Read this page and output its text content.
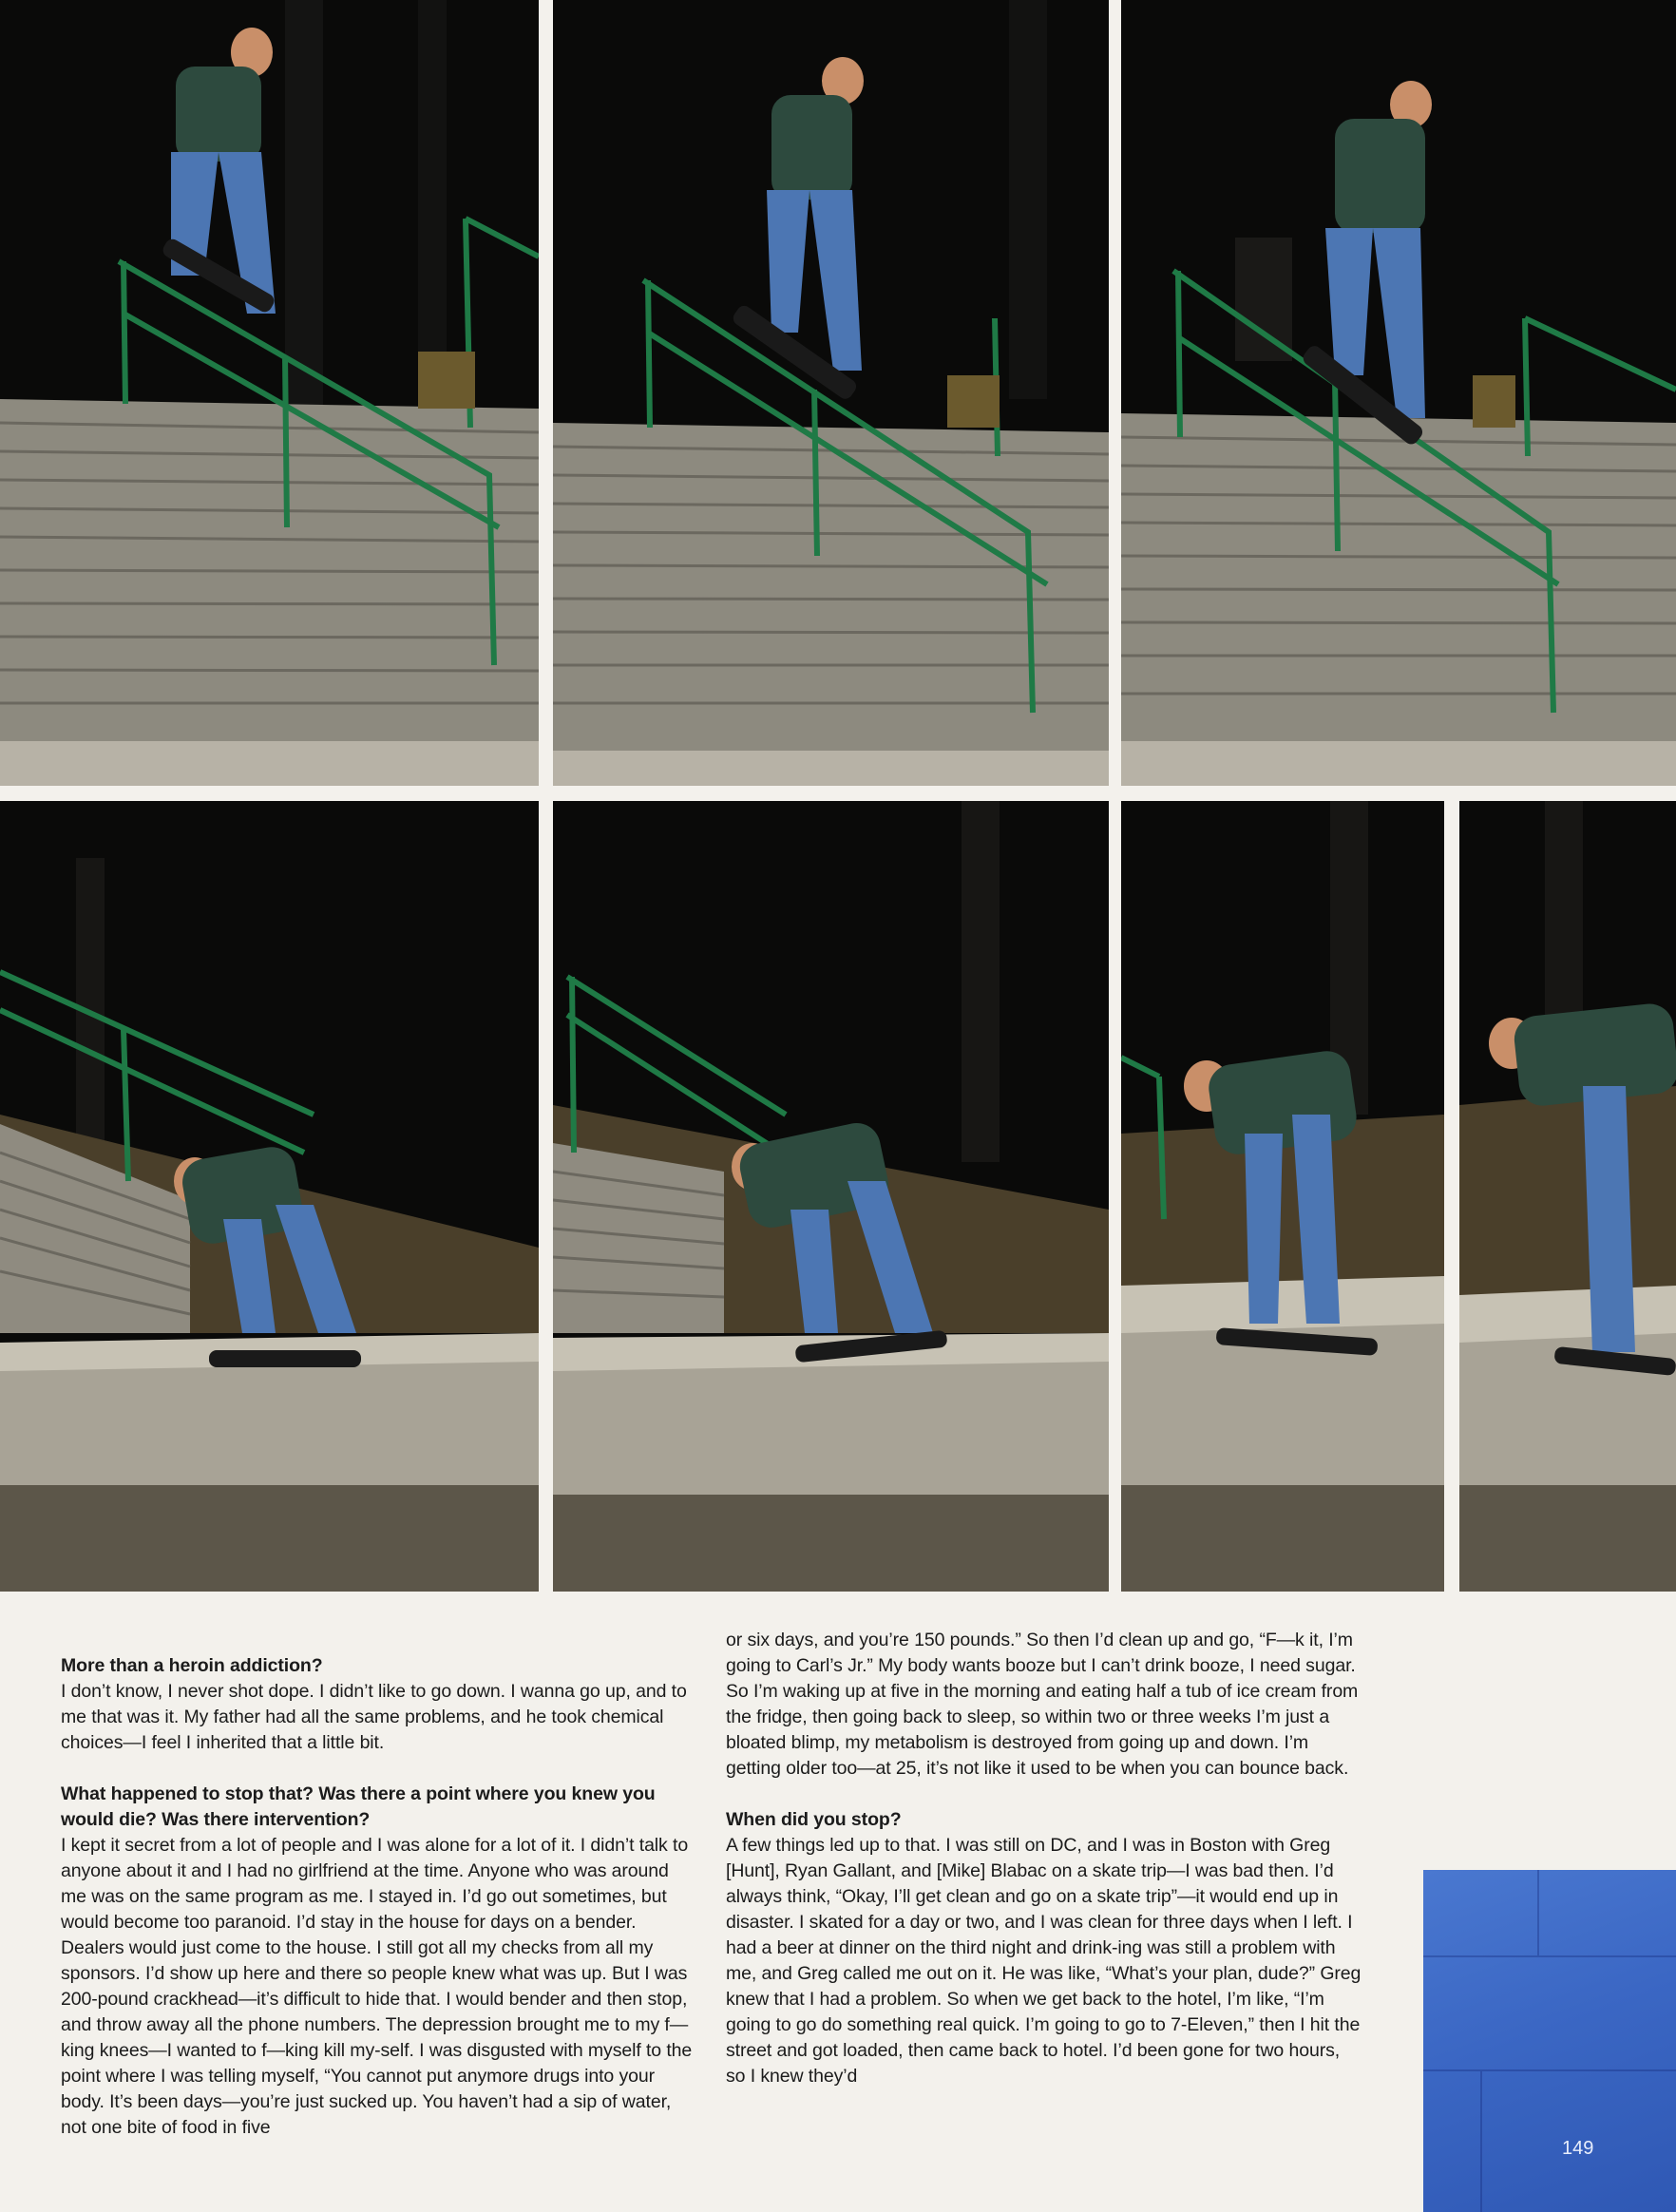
More than a heroin addiction?
I don’t know, I never shot dope. I didn’t like to go down. I wanna go up, and to me that was it. My father had all the same problems, and he took chemical choices—I feel I inherited that a little bit.

What happened to stop that? Was there a point where you knew you would die? Was there intervention?
I kept it secret from a lot of people and I was alone for a lot of it. I didn’t talk to anyone about it and I had no girlfriend at the time. Anyone who was around me was on the same program as me. I stayed in. I’d go out sometimes, but would become too paranoid. I’d stay in the house for days on a bender. Dealers would just come to the house. I still got all my checks from all my sponsors. I’d show up here and there so people knew what was up. But I was 200-pound crackhead—it’s difficult to hide that. I would bender and then stop, and throw away all the phone numbers. The depression brought me to my f—king knees—I wanted to f—king kill my-self. I was disgusted with myself to the point where I was telling myself, “You cannot put anymore drugs into your body. It’s been days—you’re just sucked up. You haven’t had a sip of water, not one bite of food in five

or six days, and you’re 150 pounds.” So then I’d clean up and go, “F—k it, I’m going to Carl’s Jr.” My body wants booze but I can’t drink booze, I need sugar. So I’m waking up at five in the morning and eating half a tub of ice cream from the fridge, then going back to sleep, so within two or three weeks I’m just a bloated blimp, my metabolism is destroyed from going up and down. I’m getting older too—at 25, it’s not like it used to be when you can bounce back.

When did you stop?
A few things led up to that. I was still on DC, and I was in Boston with Greg [Hunt], Ryan Gallant, and [Mike] Blabac on a skate trip—I was bad then. I’d always think, “Okay, I’ll get clean and go on a skate trip”—it would end up in disaster. I skated for a day or two, and I was clean for three days when I left. I had a beer at dinner on the third night and drink-ing was still a problem with me, and Greg called me out on it. He was like, “What’s your plan, dude?” Greg knew that I had a problem. So when we get back to the hotel, I’m like, “I’m going to go do something real quick. I’m going to go to 7-Eleven,” then I hit the street and got loaded, then came back to hotel. I’d been gone for two hours, so I knew they’d

149
